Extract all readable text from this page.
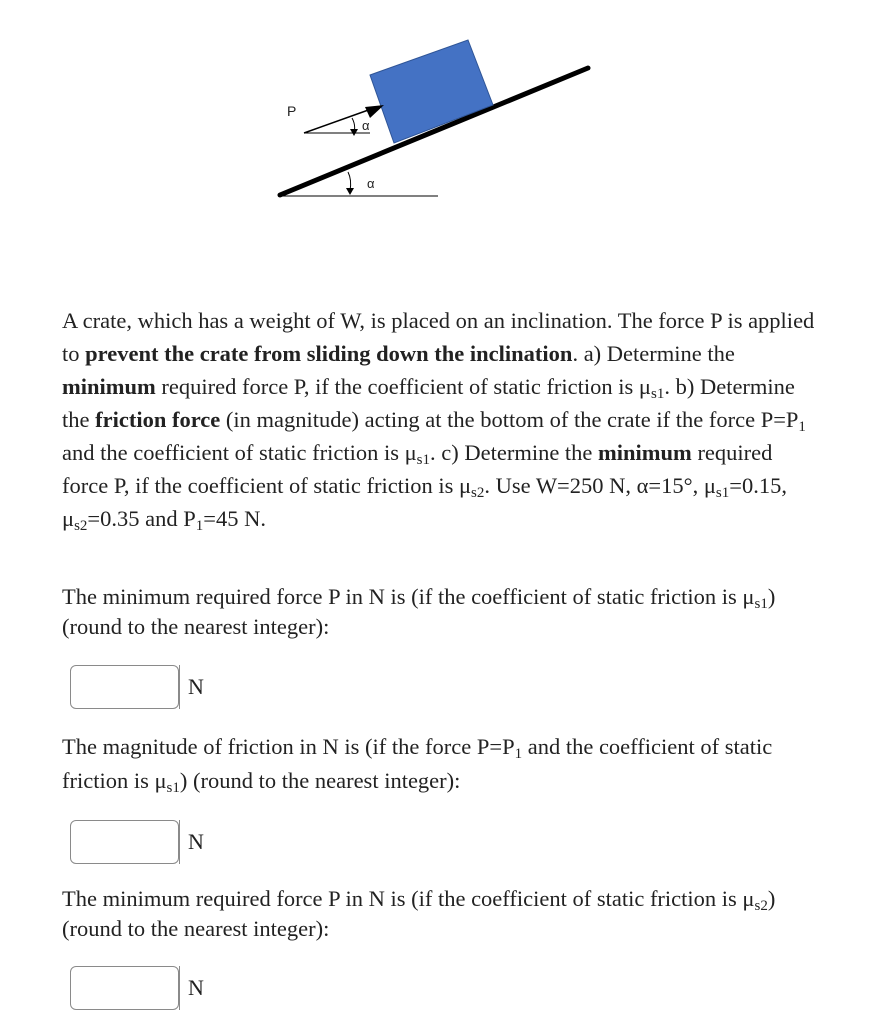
P
α
α

A crate, which has a weight of W, is placed on an inclination. The force P is applied to prevent the crate from sliding down the inclination. a) Determine the minimum required force P, if the coefficient of static friction is $\mu_{s1}$. b) Determine the friction force (in magnitude) acting at the bottom of the crate if the force $P=P_1$ and the coefficient of static friction is $\mu_{s1}$. c) Determine the minimum required force P, if the coefficient of static friction is $\mu_{s2}$. Use W=250 N, α=15°, $\mu_{s1}=0.15$, $\mu_{s2}=0.35$ and $P_1=45$ N.

The minimum required force P in N is (if the coefficient of static friction is $\mu_{s1}$) (round to the nearest integer):

N

The magnitude of friction in N is (if the force $P=P_1$ and the coefficient of static friction is $\mu_{s1}$) (round to the nearest integer):

N

The minimum required force P in N is (if the coefficient of static friction is $\mu_{s2}$) (round to the nearest integer):

N
